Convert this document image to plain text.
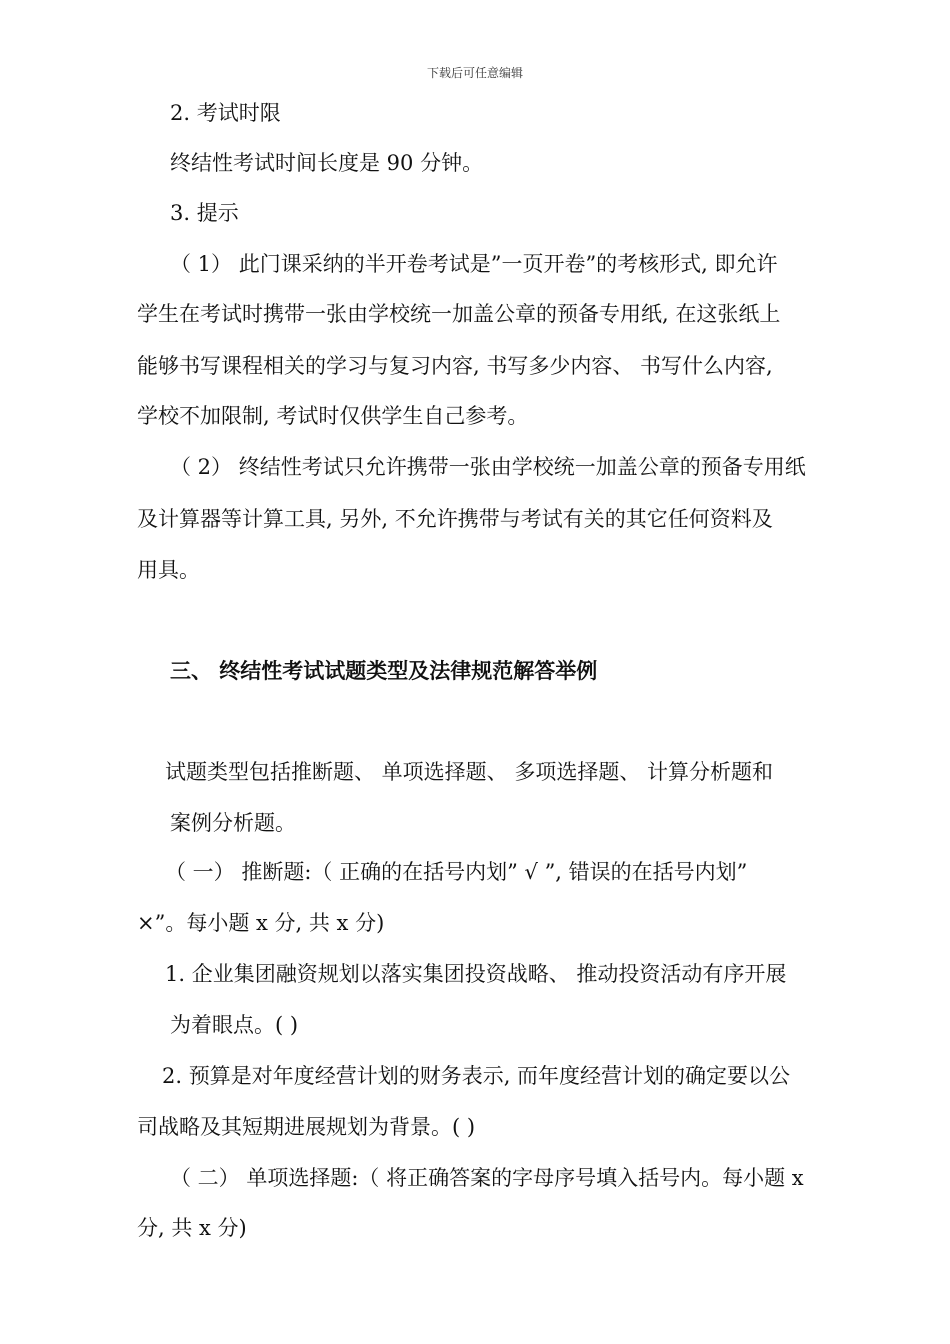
下载后可任意编辑
2. 考试时限
终结性考试时间长度是 90 分钟。
3. 提示
（ 1） 此门课采纳的半开卷考试是”一页开卷”的考核形式, 即允许
学生在考试时携带一张由学校统一加盖公章的预备专用纸, 在这张纸上
能够书写课程相关的学习与复习内容, 书写多少内容、 书写什么内容,
学校不加限制, 考试时仅供学生自己参考。
（ 2） 终结性考试只允许携带一张由学校统一加盖公章的预备专用纸
及计算器等计算工具, 另外, 不允许携带与考试有关的其它任何资料及
用具。
三、 终结性考试试题类型及法律规范解答举例
试题类型包括推断题、 单项选择题、 多项选择题、 计算分析题和
案例分析题。
（ 一） 推断题:（ 正确的在括号内划” √ ”, 错误的在括号内划”
×”。每小题 x 分, 共 x 分)
1. 企业集团融资规划以落实集团投资战略、 推动投资活动有序开展
为着眼点。( )
2. 预算是对年度经营计划的财务表示, 而年度经营计划的确定要以公
司战略及其短期进展规划为背景。( )
（ 二） 单项选择题:（ 将正确答案的字母序号填入括号内。每小题 x
分, 共 x 分)
